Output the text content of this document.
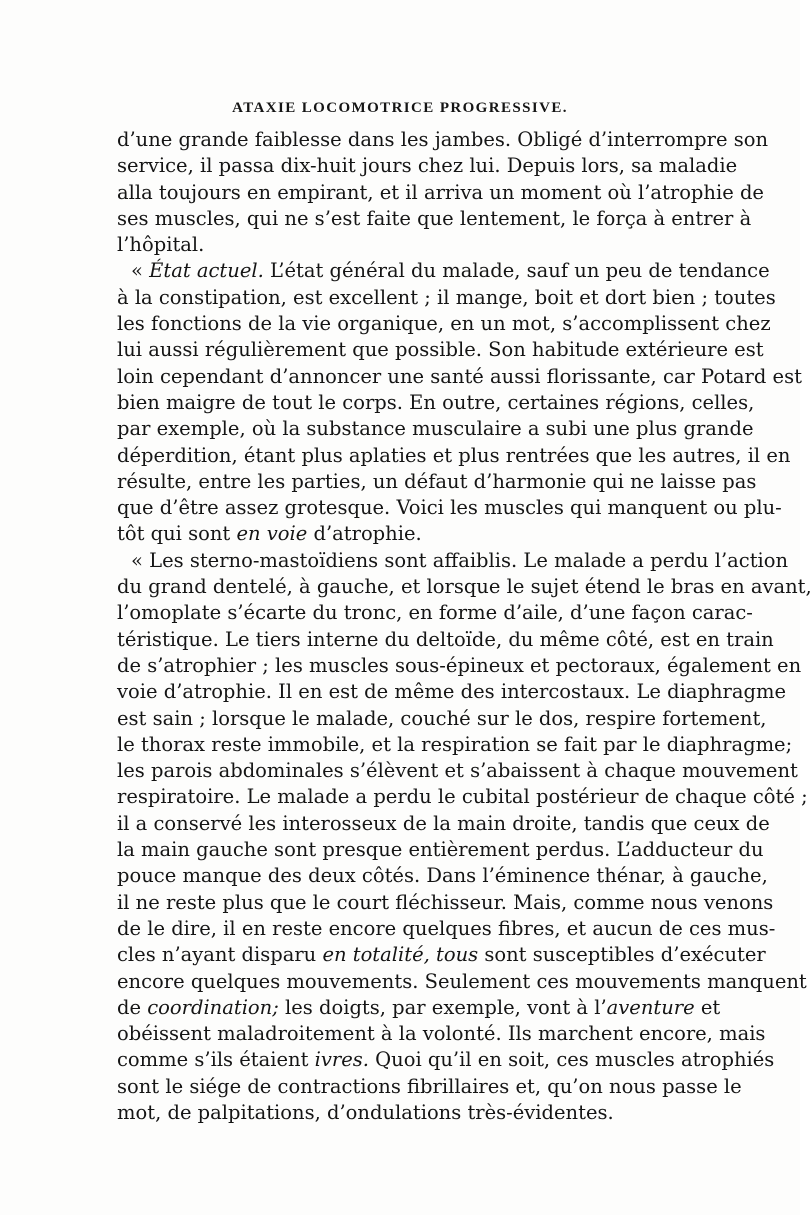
ATAXIE LOCOMOTRICE PROGRESSIVE.
d’une grande faiblesse dans les jambes. Obligé d’interrompre son
service, il passa dix-huit jours chez lui. Depuis lors, sa maladie
alla toujours en empirant, et il arriva un moment où l’atrophie de
ses muscles, qui ne s’est faite que lentement, le força à entrer à
l’hôpital.
« État actuel. L’état général du malade, sauf un peu de tendance
à la constipation, est excellent ; il mange, boit et dort bien ; toutes
les fonctions de la vie organique, en un mot, s’accomplissent chez
lui aussi régulièrement que possible. Son habitude extérieure est
loin cependant d’annoncer une santé aussi florissante, car Potard est
bien maigre de tout le corps. En outre, certaines régions, celles,
par exemple, où la substance musculaire a subi une plus grande
déperdition, étant plus aplaties et plus rentrées que les autres, il en
résulte, entre les parties, un défaut d’harmonie qui ne laisse pas
que d’être assez grotesque. Voici les muscles qui manquent ou plu-
tôt qui sont en voie d’atrophie.
« Les sterno-mastoïdiens sont affaiblis. Le malade a perdu l’action
du grand dentelé, à gauche, et lorsque le sujet étend le bras en avant,
l’omoplate s’écarte du tronc, en forme d’aile, d’une façon carac-
téristique. Le tiers interne du deltoïde, du même côté, est en train
de s’atrophier ; les muscles sous-épineux et pectoraux, également en
voie d’atrophie. Il en est de même des intercostaux. Le diaphragme
est sain ; lorsque le malade, couché sur le dos, respire fortement,
le thorax reste immobile, et la respiration se fait par le diaphragme;
les parois abdominales s’élèvent et s’abaissent à chaque mouvement
respiratoire. Le malade a perdu le cubital postérieur de chaque côté ;
il a conservé les interosseux de la main droite, tandis que ceux de
la main gauche sont presque entièrement perdus. L’adducteur du
pouce manque des deux côtés. Dans l’éminence thénar, à gauche,
il ne reste plus que le court fléchisseur. Mais, comme nous venons
de le dire, il en reste encore quelques fibres, et aucun de ces mus-
cles n’ayant disparu en totalité, tous sont susceptibles d’exécuter
encore quelques mouvements. Seulement ces mouvements manquent
de coordination; les doigts, par exemple, vont à l’aventure et
obéissent maladroitement à la volonté. Ils marchent encore, mais
comme s’ils étaient ivres. Quoi qu’il en soit, ces muscles atrophiés
sont le siége de contractions fibrillaires et, qu’on nous passe le
mot, de palpitations, d’ondulations très-évidentes.
